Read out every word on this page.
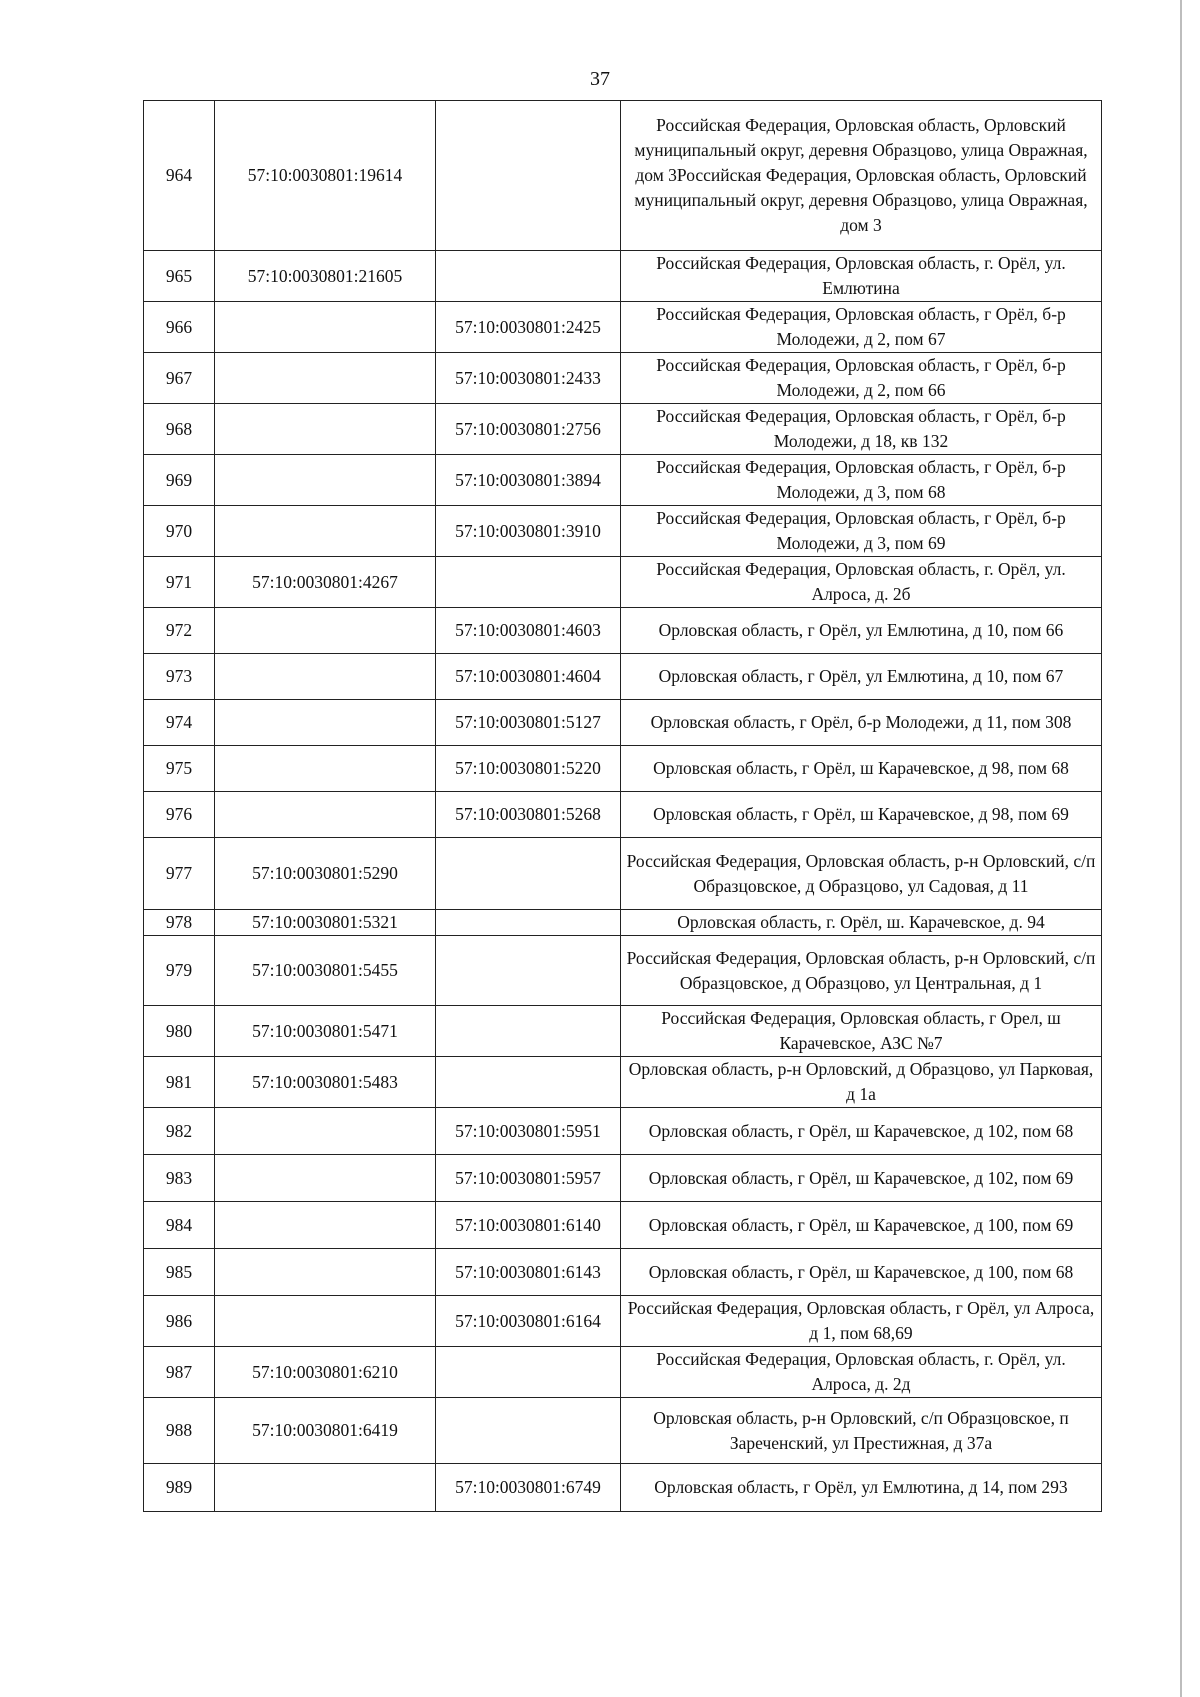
37
964	57:10:0030801:19614		Российская Федерация, Орловская область, Орловский муниципальный округ, деревня Образцово, улица Овражная, дом 3Российская Федерация, Орловская область, Орловский муниципальный округ, деревня Образцово, улица Овражная, дом 3
965	57:10:0030801:21605		Российская Федерация, Орловская область, г. Орёл, ул. Емлютина
966		57:10:0030801:2425	Российская Федерация, Орловская область, г Орёл, б-р Молодежи, д 2, пом 67
967		57:10:0030801:2433	Российская Федерация, Орловская область, г Орёл, б-р Молодежи, д 2, пом 66
968		57:10:0030801:2756	Российская Федерация, Орловская область, г Орёл, б-р Молодежи, д 18, кв 132
969		57:10:0030801:3894	Российская Федерация, Орловская область, г Орёл, б-р Молодежи, д 3, пом 68
970		57:10:0030801:3910	Российская Федерация, Орловская область, г Орёл, б-р Молодежи, д 3, пом 69
971	57:10:0030801:4267		Российская Федерация, Орловская область, г. Орёл, ул. Алроса, д. 2б
972		57:10:0030801:4603	Орловская область, г Орёл, ул Емлютина, д 10, пом 66
973		57:10:0030801:4604	Орловская область, г Орёл, ул Емлютина, д 10, пом 67
974		57:10:0030801:5127	Орловская область, г Орёл, б-р Молодежи, д 11, пом 308
975		57:10:0030801:5220	Орловская область, г Орёл, ш Карачевское, д 98, пом 68
976		57:10:0030801:5268	Орловская область, г Орёл, ш Карачевское, д 98, пом 69
977	57:10:0030801:5290		Российская Федерация, Орловская область, р-н Орловский, с/п Образцовское, д Образцово, ул Садовая, д 11
978	57:10:0030801:5321		Орловская область, г. Орёл, ш. Карачевское, д. 94
979	57:10:0030801:5455		Российская Федерация, Орловская область, р-н Орловский, с/п Образцовское, д Образцово, ул Центральная, д 1
980	57:10:0030801:5471		Российская Федерация, Орловская область, г Орел, ш Карачевское, АЗС №7
981	57:10:0030801:5483		Орловская область, р-н Орловский, д Образцово, ул Парковая, д 1а
982		57:10:0030801:5951	Орловская область, г Орёл, ш Карачевское, д 102, пом 68
983		57:10:0030801:5957	Орловская область, г Орёл, ш Карачевское, д 102, пом 69
984		57:10:0030801:6140	Орловская область, г Орёл, ш Карачевское, д 100, пом 69
985		57:10:0030801:6143	Орловская область, г Орёл, ш Карачевское, д 100, пом 68
986		57:10:0030801:6164	Российская Федерация, Орловская область, г Орёл, ул Алроса, д 1, пом 68,69
987	57:10:0030801:6210		Российская Федерация, Орловская область, г. Орёл, ул. Алроса, д. 2д
988	57:10:0030801:6419		Орловская область, р-н Орловский, с/п Образцовское, п Зареченский, ул Престижная, д 37а
989		57:10:0030801:6749	Орловская область, г Орёл, ул Емлютина, д 14, пом 293
